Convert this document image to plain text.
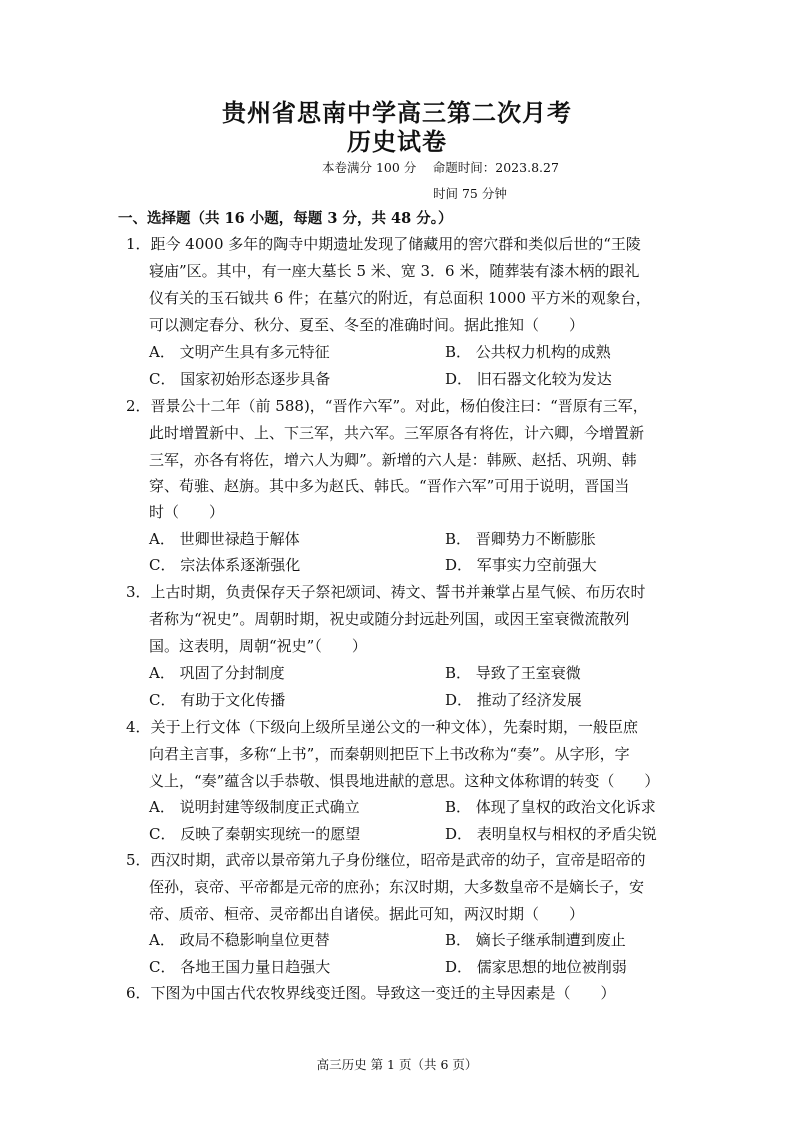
贵州省思南中学高三第二次月考
历史试卷
本卷满分 100 分　 命题时间：2023.8.27
时间 75 分钟
一、选择题（共 16 小题，每题 3 分，共 48 分。）
1．距今 4000 多年的陶寺中期遗址发现了储藏用的窖穴群和类似后世的“王陵
寝庙”区。其中，有一座大墓长 5 米、宽 3．6 米，随葬装有漆木柄的跟礼
仪有关的玉石钺共 6 件；在墓穴的附近，有总面积 1000 平方米的观象台，
可以测定春分、秋分、夏至、冬至的准确时间。据此推知（　　）
A． 文明产生具有多元特征	B． 公共权力机构的成熟
C． 国家初始形态逐步具备	D． 旧石器文化较为发达
2．晋景公十二年（前 588)，“晋作六军”。对此，杨伯俊注曰：“晋原有三军，
此时增置新中、上、下三军，共六军。三军原各有将佐，计六卿，今增置新
三军，亦各有将佐，增六人为卿”。新增的六人是：韩厥、赵括、巩朔、韩
穿、荀骓、赵旃。其中多为赵氏、韩氏。“晋作六军”可用于说明，晋国当
时（　　）
A． 世卿世禄趋于解体	B． 晋卿势力不断膨胀
C． 宗法体系逐渐强化	D． 军事实力空前强大
3．上古时期，负责保存天子祭祀颂词、祷文、誓书并兼掌占星气候、布历农时
者称为“祝史”。周朝时期，祝史或随分封远赴列国，或因王室衰微流散列
国。这表明，周朝“祝史”（　　）
A． 巩固了分封制度	B． 导致了王室衰微
C． 有助于文化传播	D． 推动了经济发展
4．关于上行文体（下级向上级所呈递公文的一种文体），先秦时期，一般臣庶
向君主言事，多称“上书”，而秦朝则把臣下上书改称为“奏”。从字形，字
义上，“奏”蕴含以手恭敬、惧畏地进献的意思。这种文体称谓的转变（　　）
A． 说明封建等级制度正式确立	B． 体现了皇权的政治文化诉求
C． 反映了秦朝实现统一的愿望	D． 表明皇权与相权的矛盾尖锐
5．西汉时期，武帝以景帝第九子身份继位，昭帝是武帝的幼子，宣帝是昭帝的
侄孙，哀帝、平帝都是元帝的庶孙；东汉时期，大多数皇帝不是嫡长子，安
帝、质帝、桓帝、灵帝都出自诸侯。据此可知，两汉时期（　　）
A． 政局不稳影响皇位更替	B． 嫡长子继承制遭到废止
C． 各地王国力量日趋强大	D． 儒家思想的地位被削弱
6．下图为中国古代农牧界线变迁图。导致这一变迁的主导因素是（　　）
高三历史 第 1 页（共 6 页）
